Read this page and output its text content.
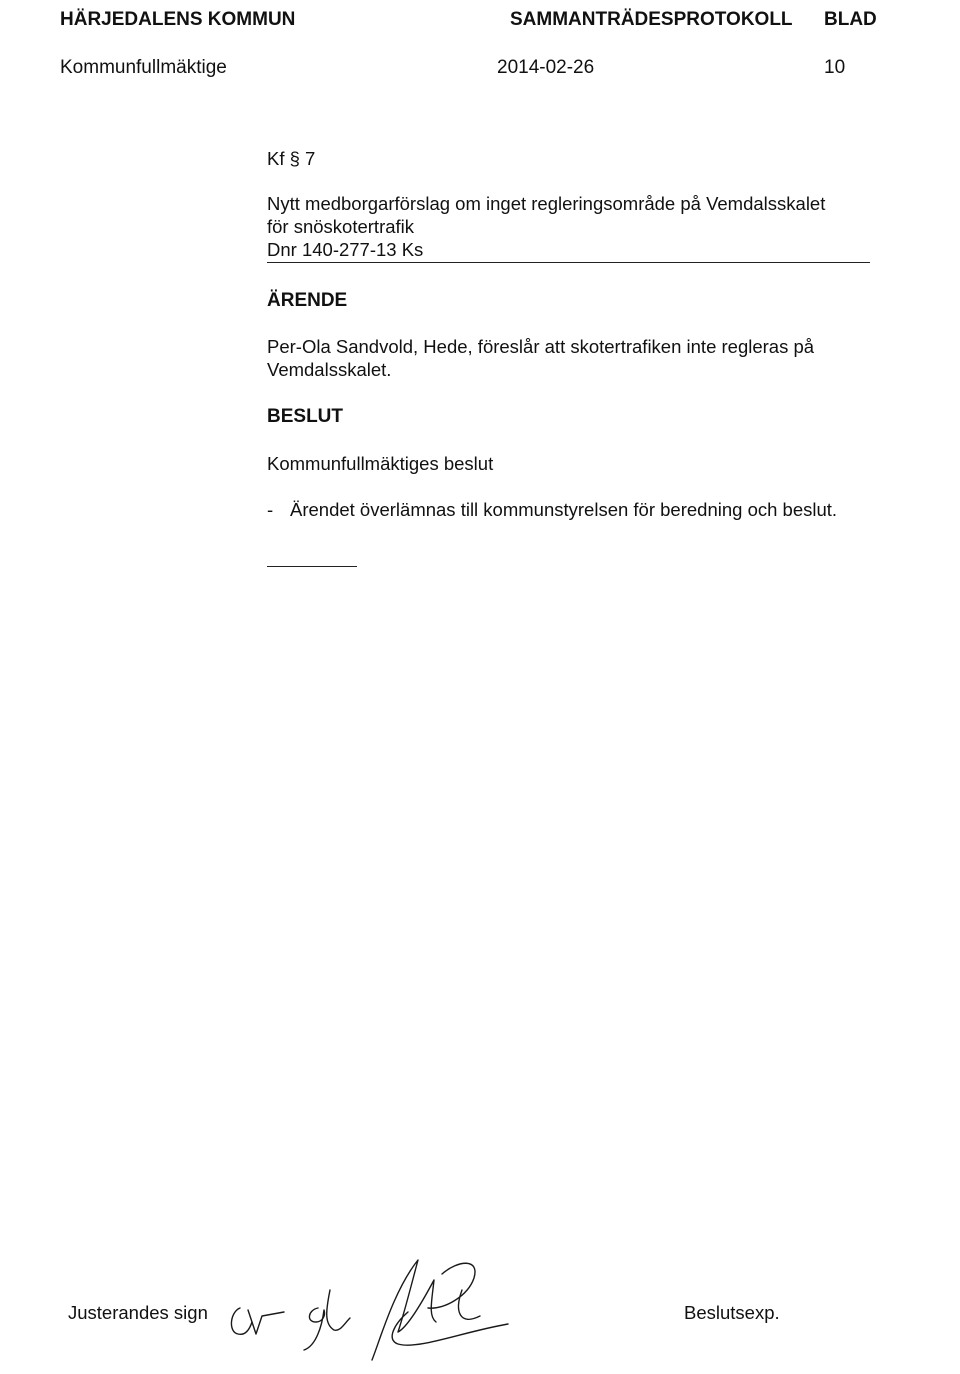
HÄRJEDALENS KOMMUN	SAMMANTRÄDESPROTOKOLL BLAD
Kommunfullmäktige	2014-02-26	10
Kf § 7
Nytt medborgarförslag om inget regleringsområde på Vemdalsskalet
för snöskotertrafik
Dnr 140-277-13 Ks
ÄRENDE
Per-Ola Sandvold, Hede, föreslår att skotertrafiken inte regleras på Vemdalsskalet.
BESLUT
Kommunfullmäktiges beslut
- Ärendet överlämnas till kommunstyrelsen för beredning och beslut.
Justerandes sign	Beslutsexp.
